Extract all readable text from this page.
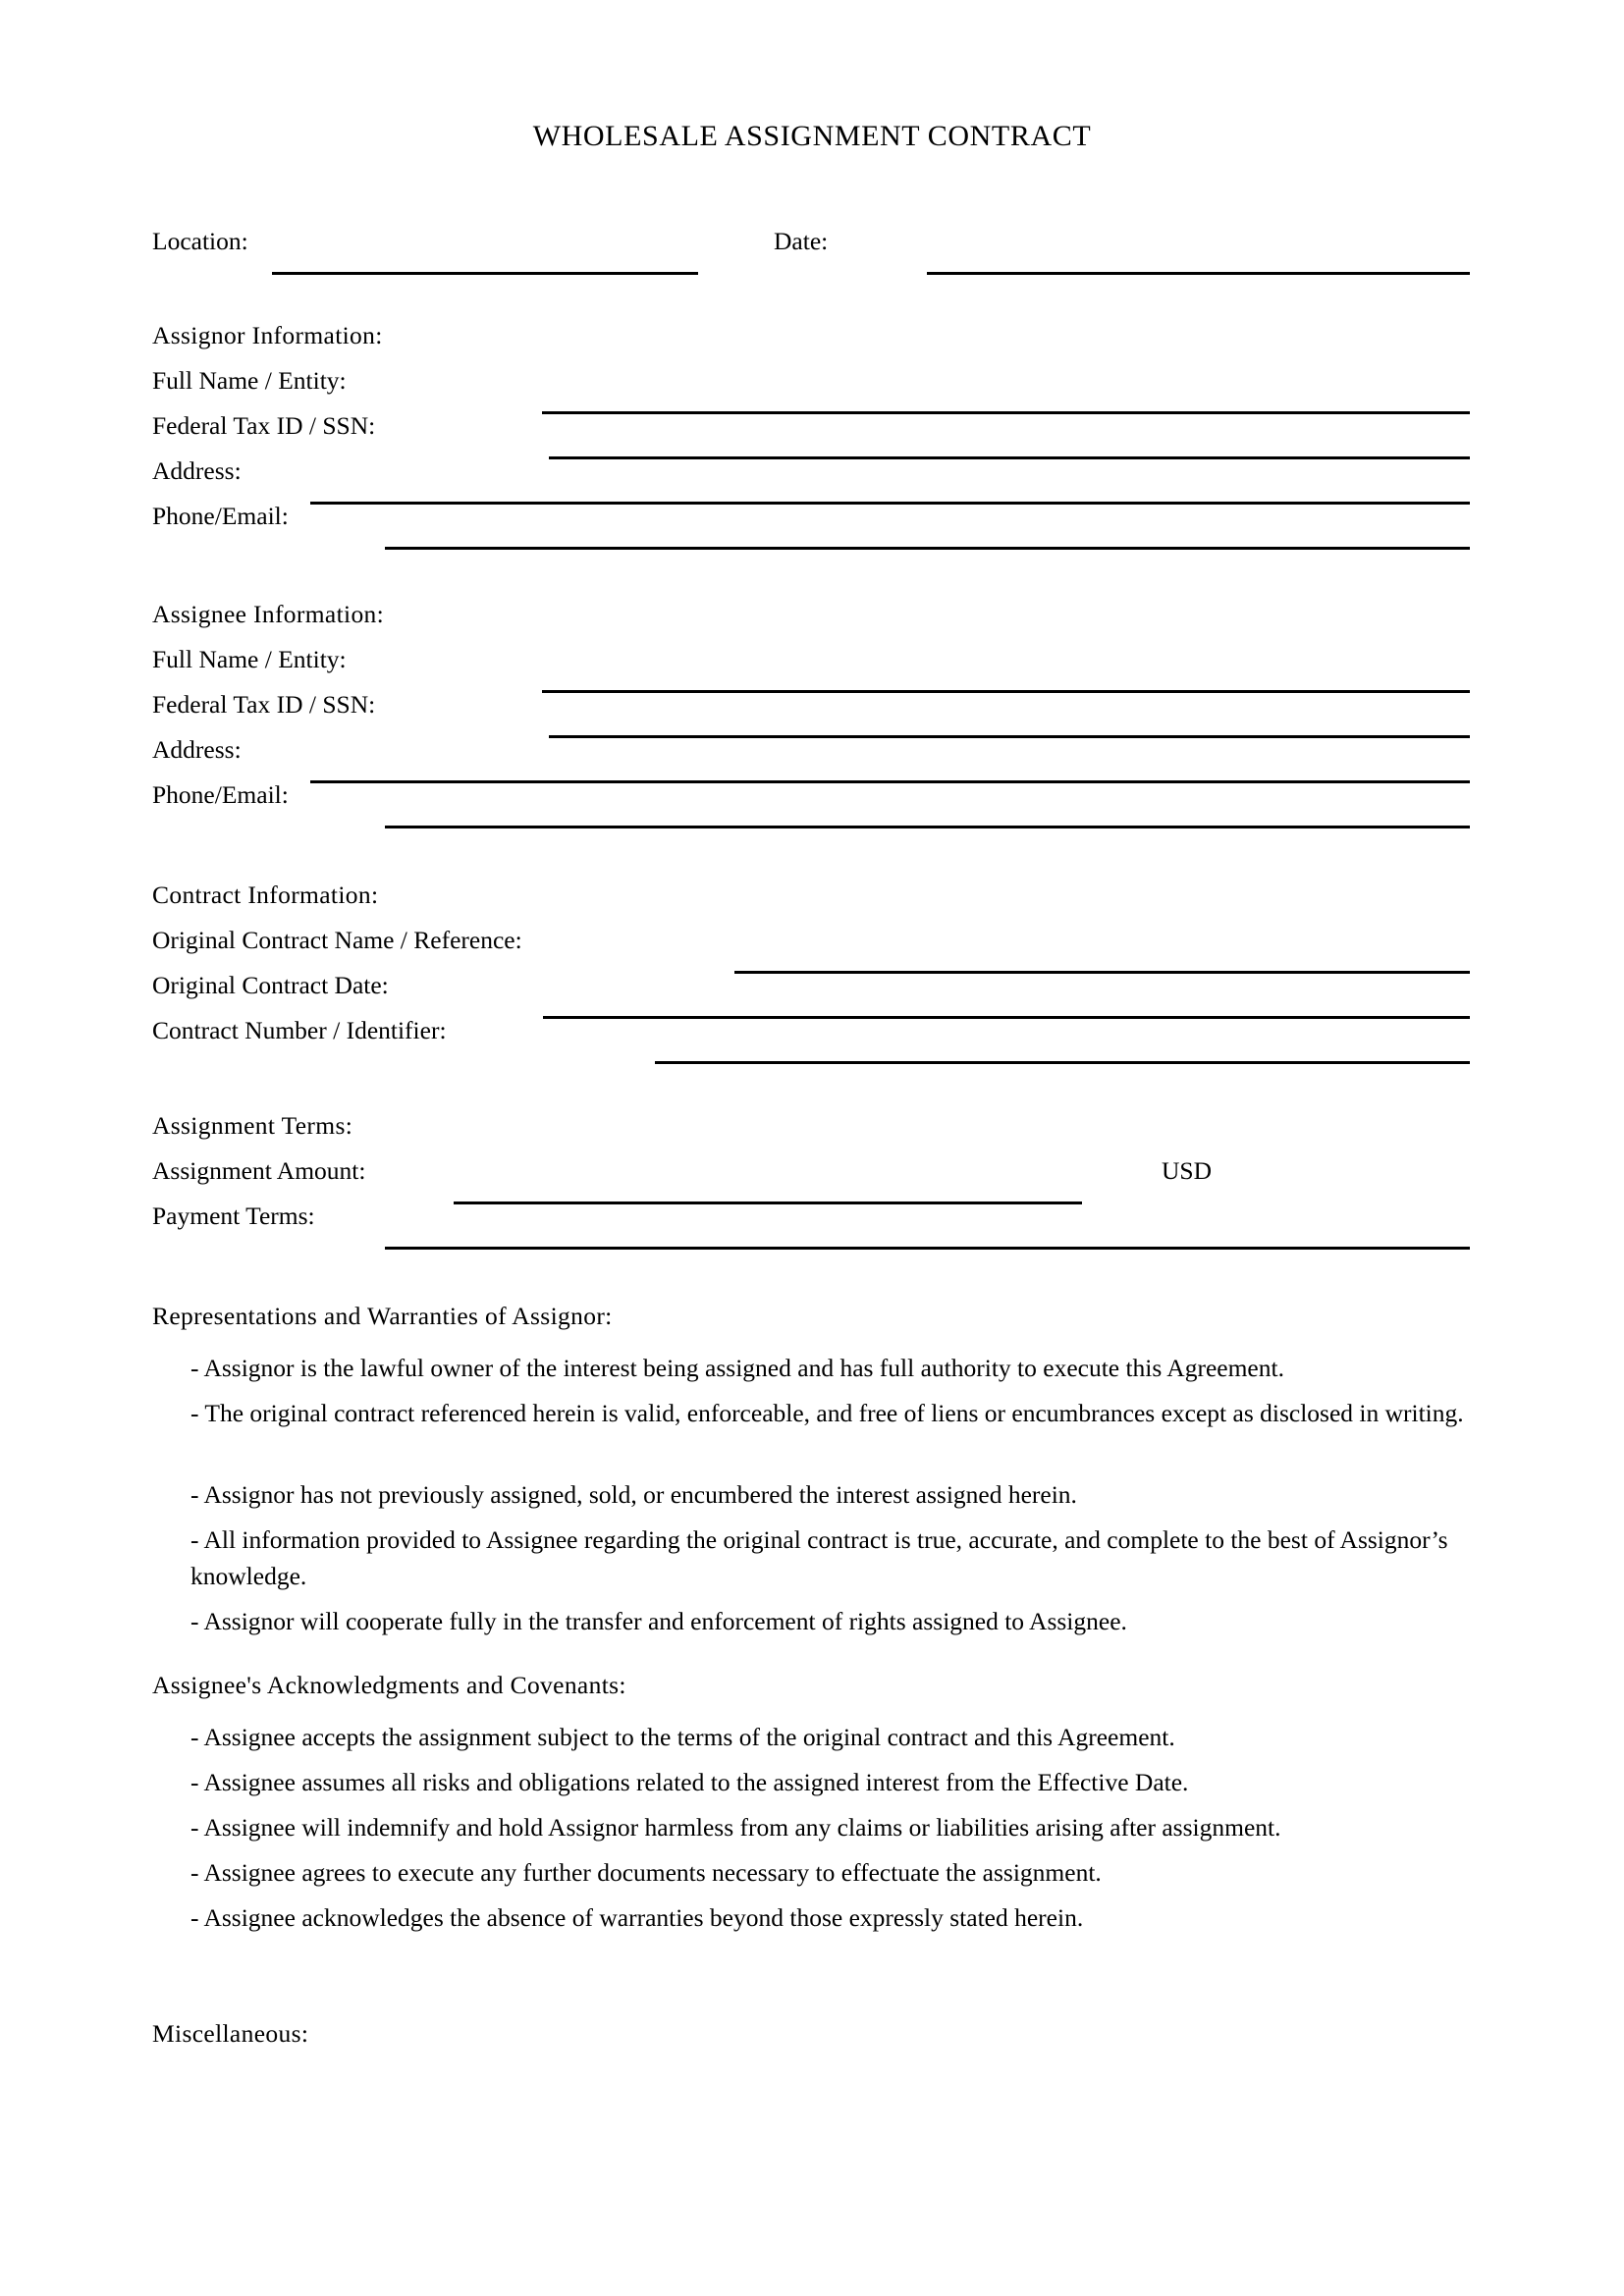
WHOLESALE ASSIGNMENT CONTRACT
Location:	Date:
Assignor Information:
Full Name / Entity:
Federal Tax ID / SSN:
Address:
Phone/Email:
Assignee Information:
Full Name / Entity:
Federal Tax ID / SSN:
Address:
Phone/Email:
Contract Information:
Original Contract Name / Reference:
Original Contract Date:
Contract Number / Identifier:
Assignment Terms:
Assignment Amount:	USD
Payment Terms:
Representations and Warranties of Assignor:
- Assignor is the lawful owner of the interest being assigned and has full authority to execute this Agreement.
- The original contract referenced herein is valid, enforceable, and free of liens or encumbrances except as disclosed in writing.
- Assignor has not previously assigned, sold, or encumbered the interest assigned herein.
- All information provided to Assignee regarding the original contract is true, accurate, and complete to the best of Assignor’s knowledge.
- Assignor will cooperate fully in the transfer and enforcement of rights assigned to Assignee.
Assignee's Acknowledgments and Covenants:
- Assignee accepts the assignment subject to the terms of the original contract and this Agreement.
- Assignee assumes all risks and obligations related to the assigned interest from the Effective Date.
- Assignee will indemnify and hold Assignor harmless from any claims or liabilities arising after assignment.
- Assignee agrees to execute any further documents necessary to effectuate the assignment.
- Assignee acknowledges the absence of warranties beyond those expressly stated herein.
Miscellaneous:
